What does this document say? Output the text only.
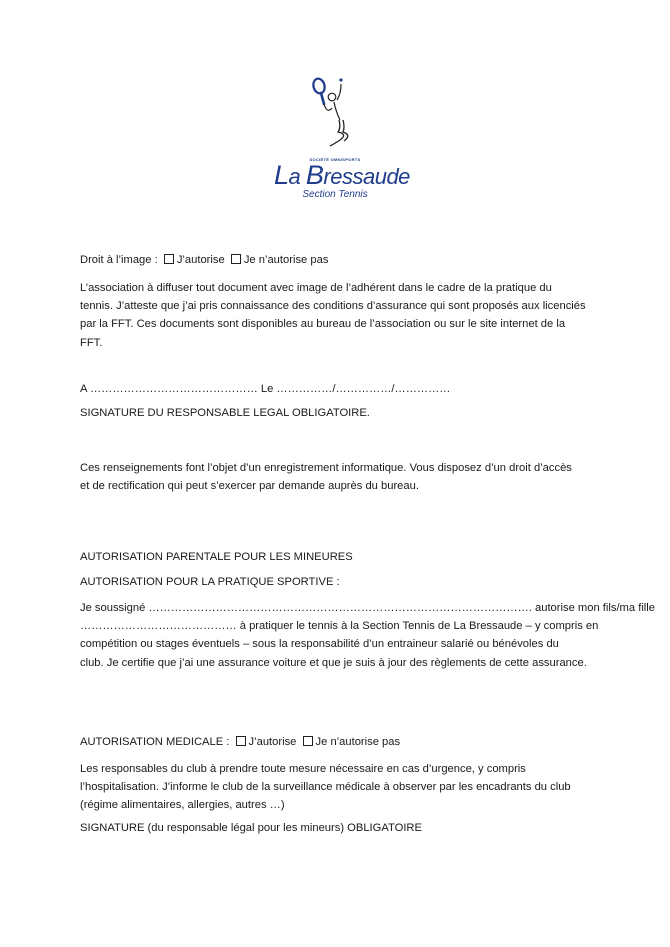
SOCIÉTÉ OMNISPORTS
La Bressaude
Section Tennis
Droit à l’image : J’autorise Je n’autorise pas
L’association à diffuser tout document avec image de l’adhérent dans le cadre de la pratique du
tennis. J’atteste que j’ai pris connaissance des conditions d’assurance qui sont proposés aux licenciés
par la FFT. Ces documents sont disponibles au bureau de l’association ou sur le site internet de la
FFT.
A ……………………………………… Le ……………/……………/……………
SIGNATURE DU RESPONSABLE LEGAL OBLIGATOIRE.
Ces renseignements font l’objet d’un enregistrement informatique. Vous disposez d’un droit d’accès
et de rectification qui peut s’exercer par demande auprès du bureau.
AUTORISATION PARENTALE POUR LES MINEURES
AUTORISATION POUR LA PRATIQUE SPORTIVE :
Je soussigné …………………………………………………………………………………………. autorise mon fils/ma fille
…………………………………… à pratiquer le tennis à la Section Tennis de La Bressaude – y compris en
compétition ou stages éventuels – sous la responsabilité d’un entraineur salarié ou bénévoles du
club. Je certifie que j’ai une assurance voiture et que je suis à jour des règlements de cette assurance.
AUTORISATION MEDICALE : J’autorise Je n’autorise pas
Les responsables du club à prendre toute mesure nécessaire en cas d’urgence, y compris
l’hospitalisation. J’informe le club de la surveillance médicale à observer par les encadrants du club
(régime alimentaires, allergies, autres …)
SIGNATURE (du responsable légal pour les mineurs) OBLIGATOIRE
